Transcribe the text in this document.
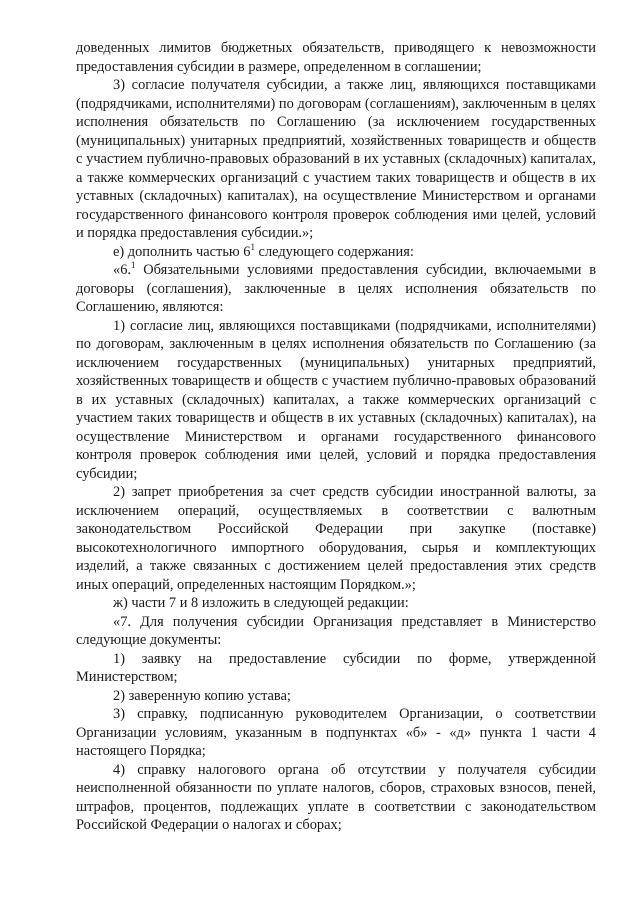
доведенных лимитов бюджетных обязательств, приводящего к невозможности предоставления субсидии в размере, определенном в соглашении;

3) согласие получателя субсидии, а также лиц, являющихся поставщиками (подрядчиками, исполнителями) по договорам (соглашениям), заключенным в целях исполнения обязательств по Соглашению (за исключением государственных (муниципальных) унитарных предприятий, хозяйственных товариществ и обществ с участием публично-правовых образований в их уставных (складочных) капиталах, а также коммерческих организаций с участием таких товариществ и обществ в их уставных (складочных) капиталах), на осуществление Министерством и органами государственного финансового контроля проверок соблюдения ими целей, условий и порядка предоставления субсидии.»;

е) дополнить частью $6^1$ следующего содержания:

«6.$^1$ Обязательными условиями предоставления субсидии, включаемыми в договоры (соглашения), заключенные в целях исполнения обязательств по Соглашению, являются:

1) согласие лиц, являющихся поставщиками (подрядчиками, исполнителями) по договорам, заключенным в целях исполнения обязательств по Соглашению (за исключением государственных (муниципальных) унитарных предприятий, хозяйственных товариществ и обществ с участием публично-правовых образований в их уставных (складочных) капиталах, а также коммерческих организаций с участием таких товариществ и обществ в их уставных (складочных) капиталах), на осуществление Министерством и органами государственного финансового контроля проверок соблюдения ими целей, условий и порядка предоставления субсидии;

2) запрет приобретения за счет средств субсидии иностранной валюты, за исключением операций, осуществляемых в соответствии с валютным законодательством Российской Федерации при закупке (поставке) высокотехнологичного импортного оборудования, сырья и комплектующих изделий, а также связанных с достижением целей предоставления этих средств иных операций, определенных настоящим Порядком.»;

ж) части 7 и 8 изложить в следующей редакции:

«7. Для получения субсидии Организация представляет в Министерство следующие документы:

1) заявку на предоставление субсидии по форме, утвержденной Министерством;

2) заверенную копию устава;

3) справку, подписанную руководителем Организации, о соответствии Организации условиям, указанным в подпунктах «б» - «д» пункта 1 части 4 настоящего Порядка;

4) справку налогового органа об отсутствии у получателя субсидии неисполненной обязанности по уплате налогов, сборов, страховых взносов, пеней, штрафов, процентов, подлежащих уплате в соответствии с законодательством Российской Федерации о налогах и сборах;
